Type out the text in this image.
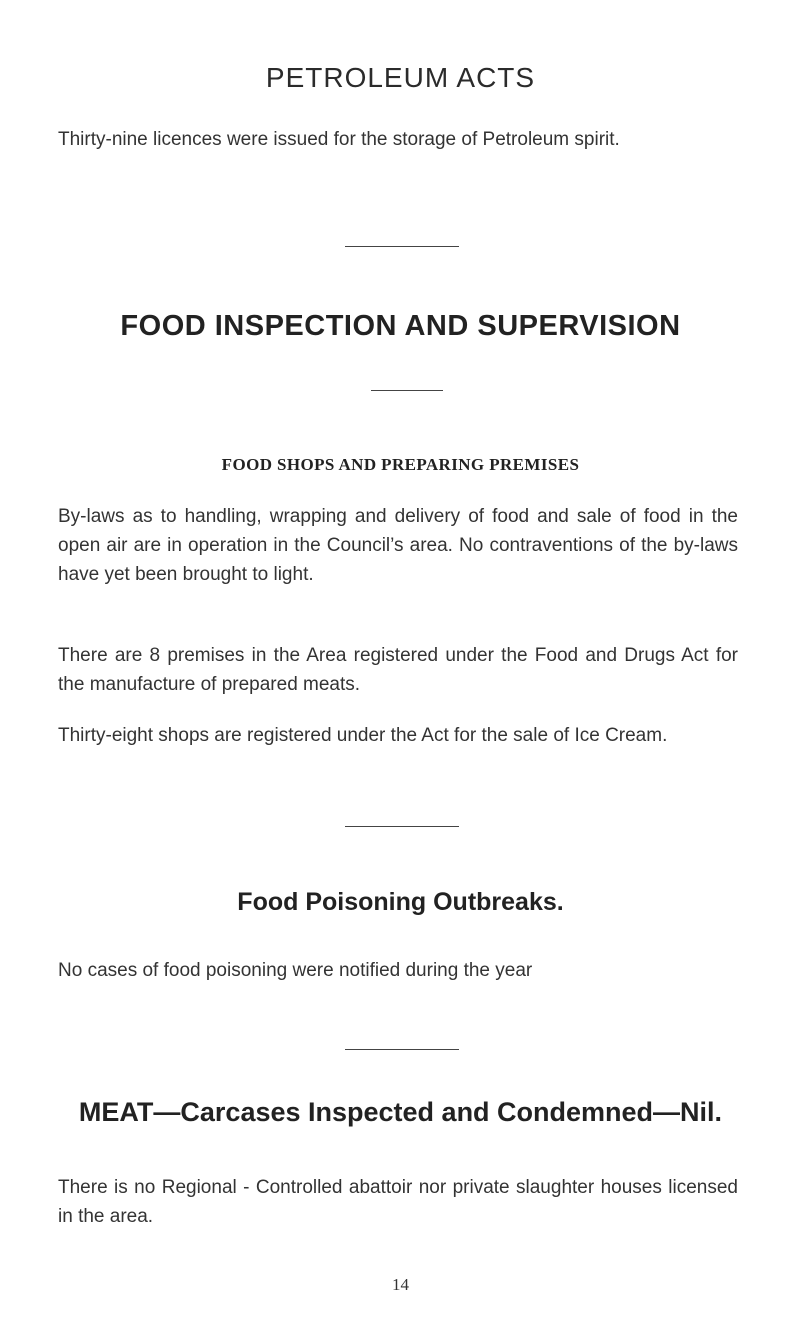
PETROLEUM ACTS
Thirty-nine licences were issued for the storage of Petroleum spirit.
FOOD INSPECTION AND SUPERVISION
FOOD SHOPS AND PREPARING PREMISES
By-laws as to handling, wrapping and delivery of food and sale of food in the open air are in operation in the Council’s area. No contraventions of the by-laws have yet been brought to light.
There are 8 premises in the Area registered under the Food and Drugs Act for the manufacture of prepared meats.
Thirty-eight shops are registered under the Act for the sale of Ice Cream.
Food Poisoning Outbreaks.
No cases of food poisoning were notified during the year
MEAT—Carcases Inspected and Condemned—Nil.
There is no Regional - Controlled abattoir nor private slaughter houses licensed in the area.
14
